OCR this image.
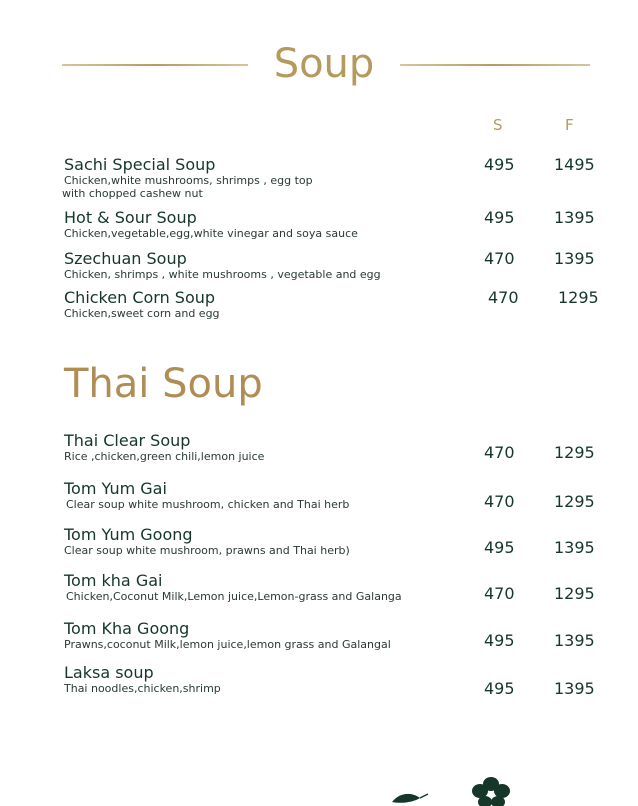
Soup
S	F
Sachi Special Soup
Chicken,white mushrooms, shrimps , egg top
with chopped cashew nut
495 1495
Hot & Sour Soup
Chicken,vegetable,egg,white vinegar and soya sauce
495 1395
Szechuan Soup
Chicken, shrimps , white mushrooms , vegetable and egg
470 1395
Chicken Corn Soup
Chicken,sweet corn and egg
470 1295
Thai Soup
Thai Clear Soup
Rice ,chicken,green chili,lemon juice	470 1295
Tom Yum Gai
Clear soup white mushroom, chicken and Thai herb	470 1295
Tom Yum Goong
Clear soup white mushroom, prawns and Thai herb)	495 1395
Tom kha Gai
Chicken,Coconut Milk,Lemon juice,Lemon-grass and Galanga	470 1295
Tom Kha Goong
Prawns,coconut Milk,lemon juice,lemon grass and Galangal	495 1395
Laksa soup
Thai noodles,chicken,shrimp	495 1395
